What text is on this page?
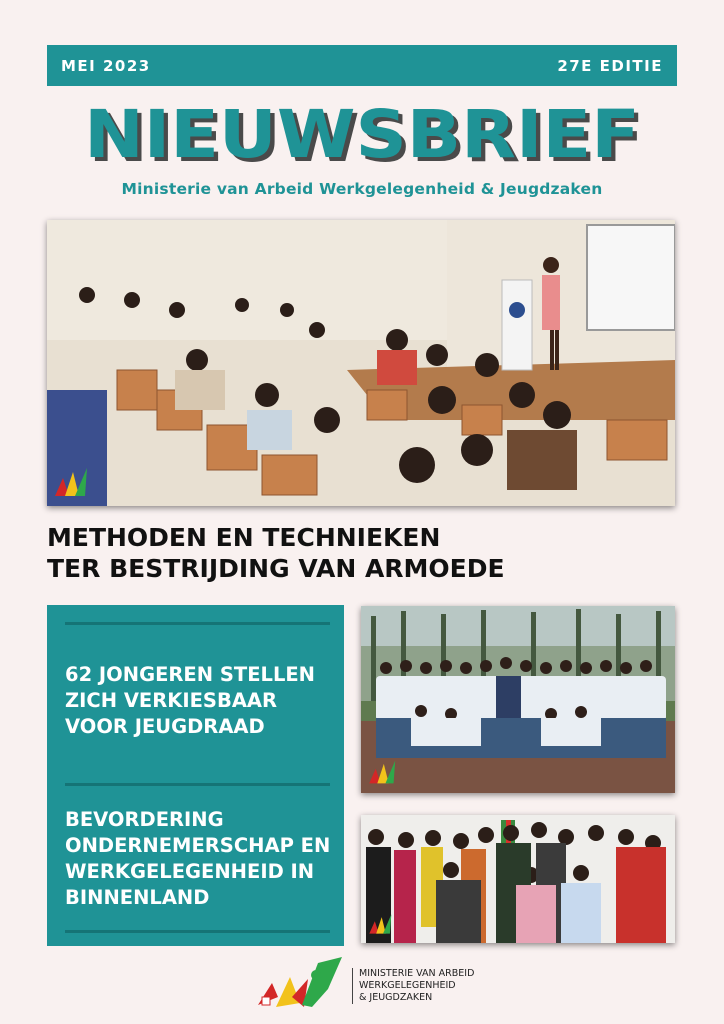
MEI 2023	27E EDITIE
NIEUWSBRIEF
Ministerie van Arbeid Werkgelegenheid & Jeugdzaken
METHODEN EN TECHNIEKEN
TER BESTRIJDING VAN ARMOEDE
62 JONGEREN STELLEN
ZICH VERKIESBAAR
VOOR JEUGDRAAD
BEVORDERING
ONDERNEMERSCHAP EN
WERKGELEGENHEID IN
BINNENLAND
MINISTERIE VAN ARBEID
WERKGELEGENHEID
& JEUGDZAKEN
